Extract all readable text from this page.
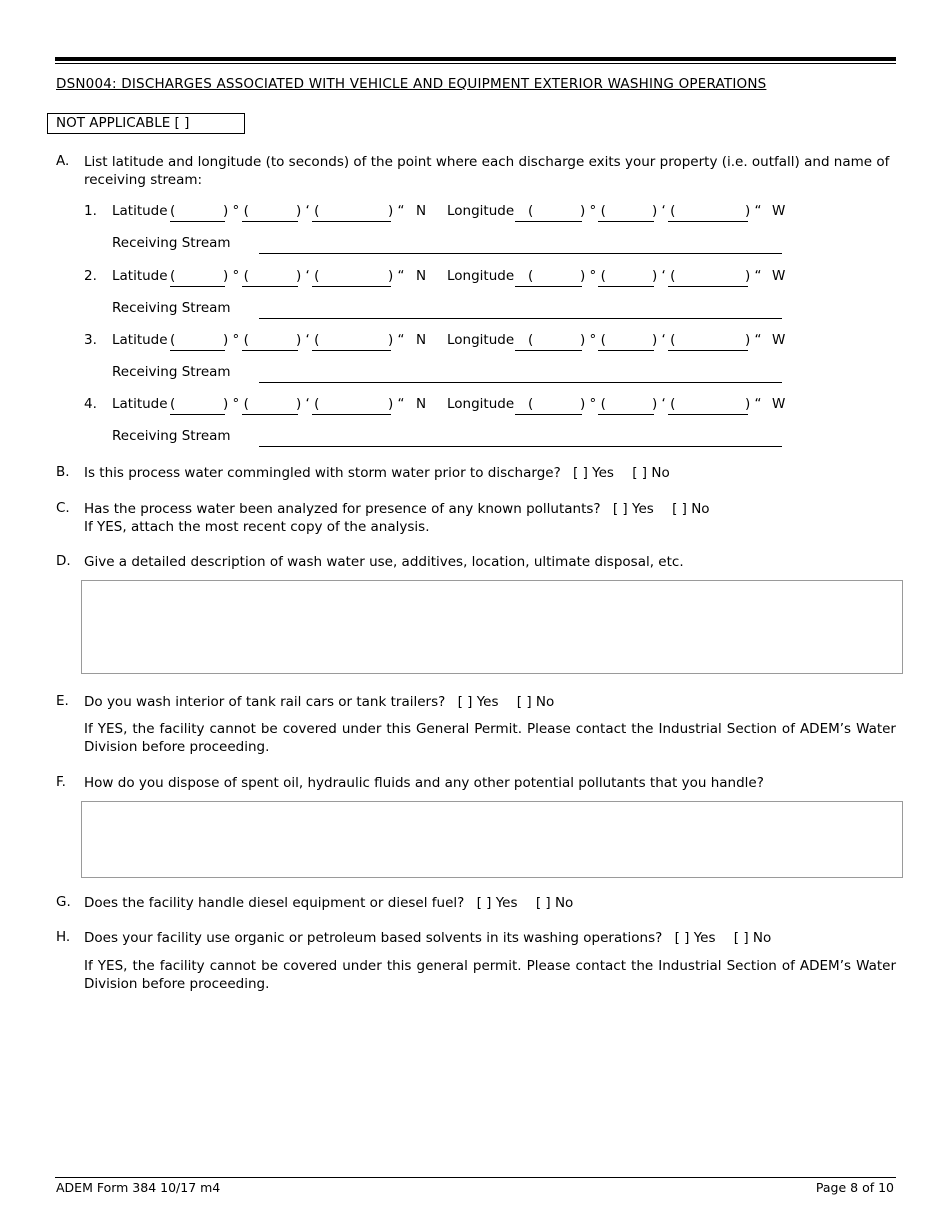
DSN004: DISCHARGES ASSOCIATED WITH VEHICLE AND EQUIPMENT EXTERIOR WASHING OPERATIONS
NOT APPLICABLE [ ]
A. List latitude and longitude (to seconds) of the point where each discharge exits your property (i.e. outfall) and name of receiving stream:
1. Latitude (	) ° (	) ‘ (	) “ N Longitude (	) ° (	) ‘ (	) “ W
Receiving Stream
2. Latitude (	) ° (	) ‘ (	) “ N Longitude (	) ° (	) ‘ (	) “ W
Receiving Stream
3. Latitude (	) ° (	) ‘ (	) “ N Longitude (	) ° (	) ‘ (	) “ W
Receiving Stream
4. Latitude (	) ° (	) ‘ (	) “ N Longitude (	) ° (	) ‘ (	) “ W
Receiving Stream
B. Is this process water commingled with storm water prior to discharge? [ ] Yes [ ] No
C. Has the process water been analyzed for presence of any known pollutants? [ ] Yes [ ] No
If YES, attach the most recent copy of the analysis.
D. Give a detailed description of wash water use, additives, location, ultimate disposal, etc.
E. Do you wash interior of tank rail cars or tank trailers? [ ] Yes [ ] No
If YES, the facility cannot be covered under this General Permit. Please contact the Industrial Section of ADEM’s Water Division before proceeding.
F. How do you dispose of spent oil, hydraulic fluids and any other potential pollutants that you handle?
G. Does the facility handle diesel equipment or diesel fuel? [ ] Yes [ ] No
H. Does your facility use organic or petroleum based solvents in its washing operations? [ ] Yes [ ] No
If YES, the facility cannot be covered under this general permit. Please contact the Industrial Section of ADEM’s Water Division before proceeding.
ADEM Form 384 10/17 m4	Page 8 of 10
